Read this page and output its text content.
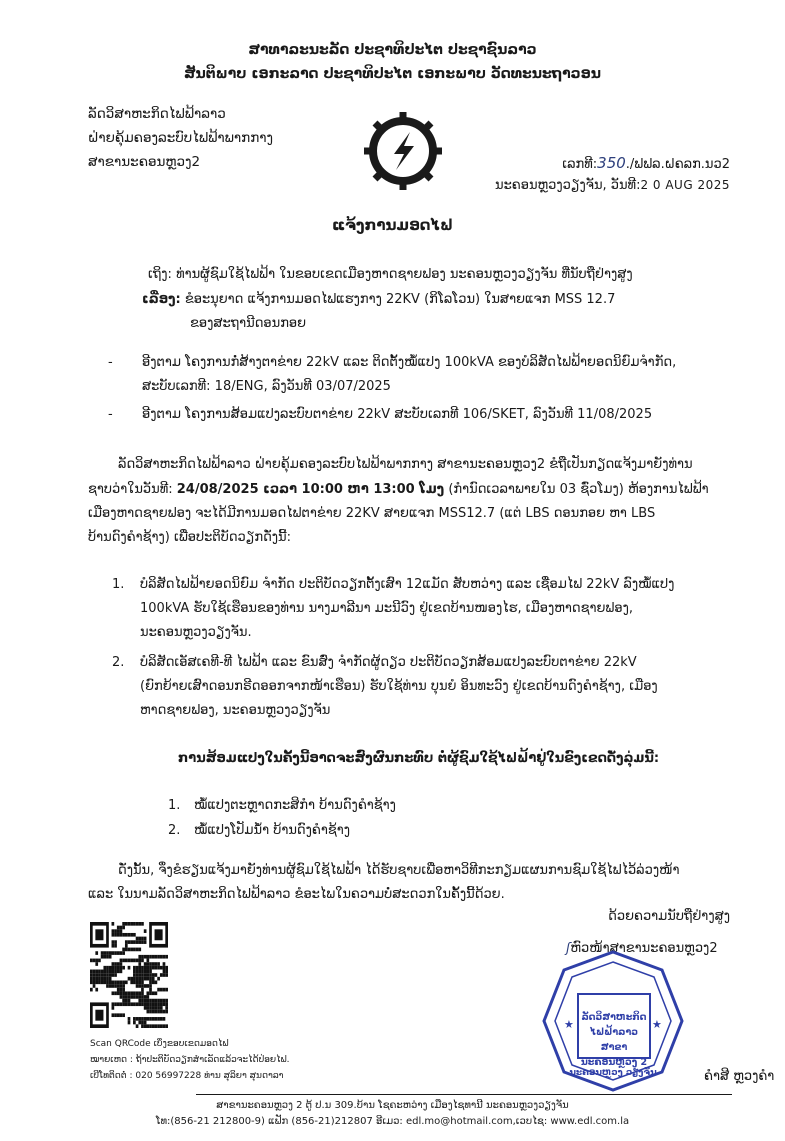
ສາທາລະນະລັດ ປະຊາທິປະໄຕ ປະຊາຊົນລາວ
ສັນຕິພາບ ເອກະລາດ ປະຊາທິປະໄຕ ເອກະພາບ ວັດທະນະຖາວອນ
ລັດວິສາຫະກິດໄຟຟ້າລາວ
ຝ່າຍຄຸ້ມຄອງລະບົບໄຟຟ້າພາກກາງ
ສາຂານະຄອນຫຼວງ2	ເລກທີ:350./ຟຟລ.ຝຄລກ.ນວ2
ນະຄອນຫຼວງວຽງຈັນ, ວັນທີ:2 0 AUG 2025
ແຈ້ງການມອດໄຟ
ເຖິງ: ທ່ານຜູ້ຊົມໃຊ້ໄຟຟ້າ ໃນຂອບເຂດເມືອງຫາດຊາຍຟອງ ນະຄອນຫຼວງວຽງຈັນ ທີ່ນັບຖືຢ່າງສູງ
ເລື່ອງ: ຂໍອະນຸຍາດ ແຈ້ງການມອດໄຟແຮງກາງ 22KV (ກິໂລໂວນ) ໃນສາຍແຈກ MSS 12.7
ຂອງສະຖານີດອນກອຍ
- ອີງຕາມ ໂຄງການກໍ່ສ້າງຕາຂ່າຍ 22kV ແລະ ຕິດຕັ້ງໝໍ້ແປງ 100kVA ຂອງບໍລິສັດໄຟຟ້າຍອດນິຍົມຈຳກັດ,
ສະບັບເລກທີ: 18/ENG, ລົງວັນທີ 03/07/2025
- ອີງຕາມ ໂຄງການສ້ອມແປງລະບົບຕາຂ່າຍ 22kV ສະບັບເລກທີ 106/SKET, ລົງວັນທີ 11/08/2025
ລັດວິສາຫະກິດໄຟຟ້າລາວ ຝ່າຍຄຸ້ມຄອງລະບົບໄຟຟ້າພາກກາງ ສາຂານະຄອນຫຼວງ2 ຂໍຖືເປັນກຽດແຈ້ງມາຍັງທ່ານ
ຊາບວ່າໃນວັນທີ: 24/08/2025 ເວລາ 10:00 ຫາ 13:00 ໂມງ (ກຳນົດເວລາພາຍໃນ 03 ຊົ່ວໂມງ) ຫ້ອງການໄຟຟ້າ
ເມືອງຫາດຊາຍຟອງ ຈະໄດ້ມີການມອດໄຟຕາຂ່າຍ 22KV ສາຍແຈກ MSS12.7 (ແຕ່ LBS ດອນກອຍ ຫາ LBS
ບ້ານດົງຄຳຊ້າງ) ເພື່ອປະຕິບັດວຽກດັ່ງນີ້:
1. ບໍລິສັດໄຟຟ້າຍອດນິຍົມ ຈຳກັດ ປະຕິບັດວຽກຕັ້ງເສົາ 12ແມັດ ສັບຫວ່າງ ແລະ ເຊື່ອມໄຟ 22kV ລົງໝໍ້ແປງ
100kVA ຮັບໃຊ້ເຮືອນຂອງທ່ານ ນາງມາລີນາ ມະນີວົງ ຢູ່ເຂດບ້ານໜອງໄຮ, ເມືອງຫາດຊາຍຟອງ,
ນະຄອນຫຼວງວຽງຈັນ.
2. ບໍລິສັດເອັສເຄທີ-ທີ ໄຟຟ້າ ແລະ ຂົນສົ່ງ ຈຳກັດຜູ້ດຽວ ປະຕິບັດວຽກສ້ອມແປງລະບົບຕາຂ່າຍ 22kV
(ຍົກຍ້າຍເສົາດອນກຣີດອອກຈາກໜ້າເຮືອນ) ຮັບໃຊ້ທ່ານ ບຸນຍໍ ອິນທະວົງ ຢູ່ເຂດບ້ານດົງຄຳຊ້າງ, ເມືອງ
ຫາດຊາຍຟອງ, ນະຄອນຫຼວງວຽງຈັນ
ການສ້ອມແປງໃນຄັ້ງນີ້ອາດຈະສົ່ງຜົນກະທົບ ຕໍ່ຜູ້ຊົມໃຊ້ໄຟຟ້າຢູ່ໃນຂົງເຂດດັ່ງລຸ່ມນີ້:
1. ໝໍ້ແປງຕະຫຼາດກະສິກຳ ບ້ານດົງຄຳຊ້າງ
2. ໝໍ້ແປງໂປັມນ້ຳ ບ້ານດົງຄຳຊ້າງ
ດັ່ງນັ້ນ, ຈຶ່ງຂໍຮຽນແຈ້ງມາຍັງທ່ານຜູ້ຊົມໃຊ້ໄຟຟ້າ ໄດ້ຮັບຊາບເພື່ອຫາວິທີກະກຽມແຜນການຊົມໃຊ້ໄຟໄວ້ລ່ວງໜ້າ
ແລະ ໃນນາມລັດວິສາຫະກິດໄຟຟ້າລາວ ຂໍອະໄພໃນຄວາມບໍ່ສະດວກໃນຄັ້ງນີ້ດ້ວຍ.
ດ້ວຍຄວາມນັບຖືຢ່າງສູງ
ʃຫົວໜ້າສາຂານະຄອນຫຼວງ2
★	★
ລັດວິສາຫະກິດ
ໄຟຟ້າລາວ ສາຂາ
ນະຄອນຫຼວງ 2
ນະຄອນຫຼວງ ວຽງຈັນ	ຄຳສີ ຫຼວງຄຳ
Scan QRCode ເບິ່ງຂອບເຂດມອດໄຟ
ໝາຍເຫດ : ຖ້າປະຕິບັດວຽກສຳເລັດແລ້ວຈະໄດ້ປ່ອຍໄຟ.
ເບີໂທຕິດຕໍ່ : 020 56997228 ທ່ານ ສຸລິຍາ ສຸນດາລາ
ສາຂານະຄອນຫຼວງ 2 ຕູ້ ປ.ນ 309.ບ້ານ ໂຊຄະຫວ່າງ ເມືອງໄຊທານີ ນະຄອນຫຼວງວຽງຈັນ
ໂທ:(856-21 212800-9) ແຟັກ (856-21)212807 ອີເມວ: edl.mo@hotmail.com,ເວບໄຊ: www.edl.com.la
